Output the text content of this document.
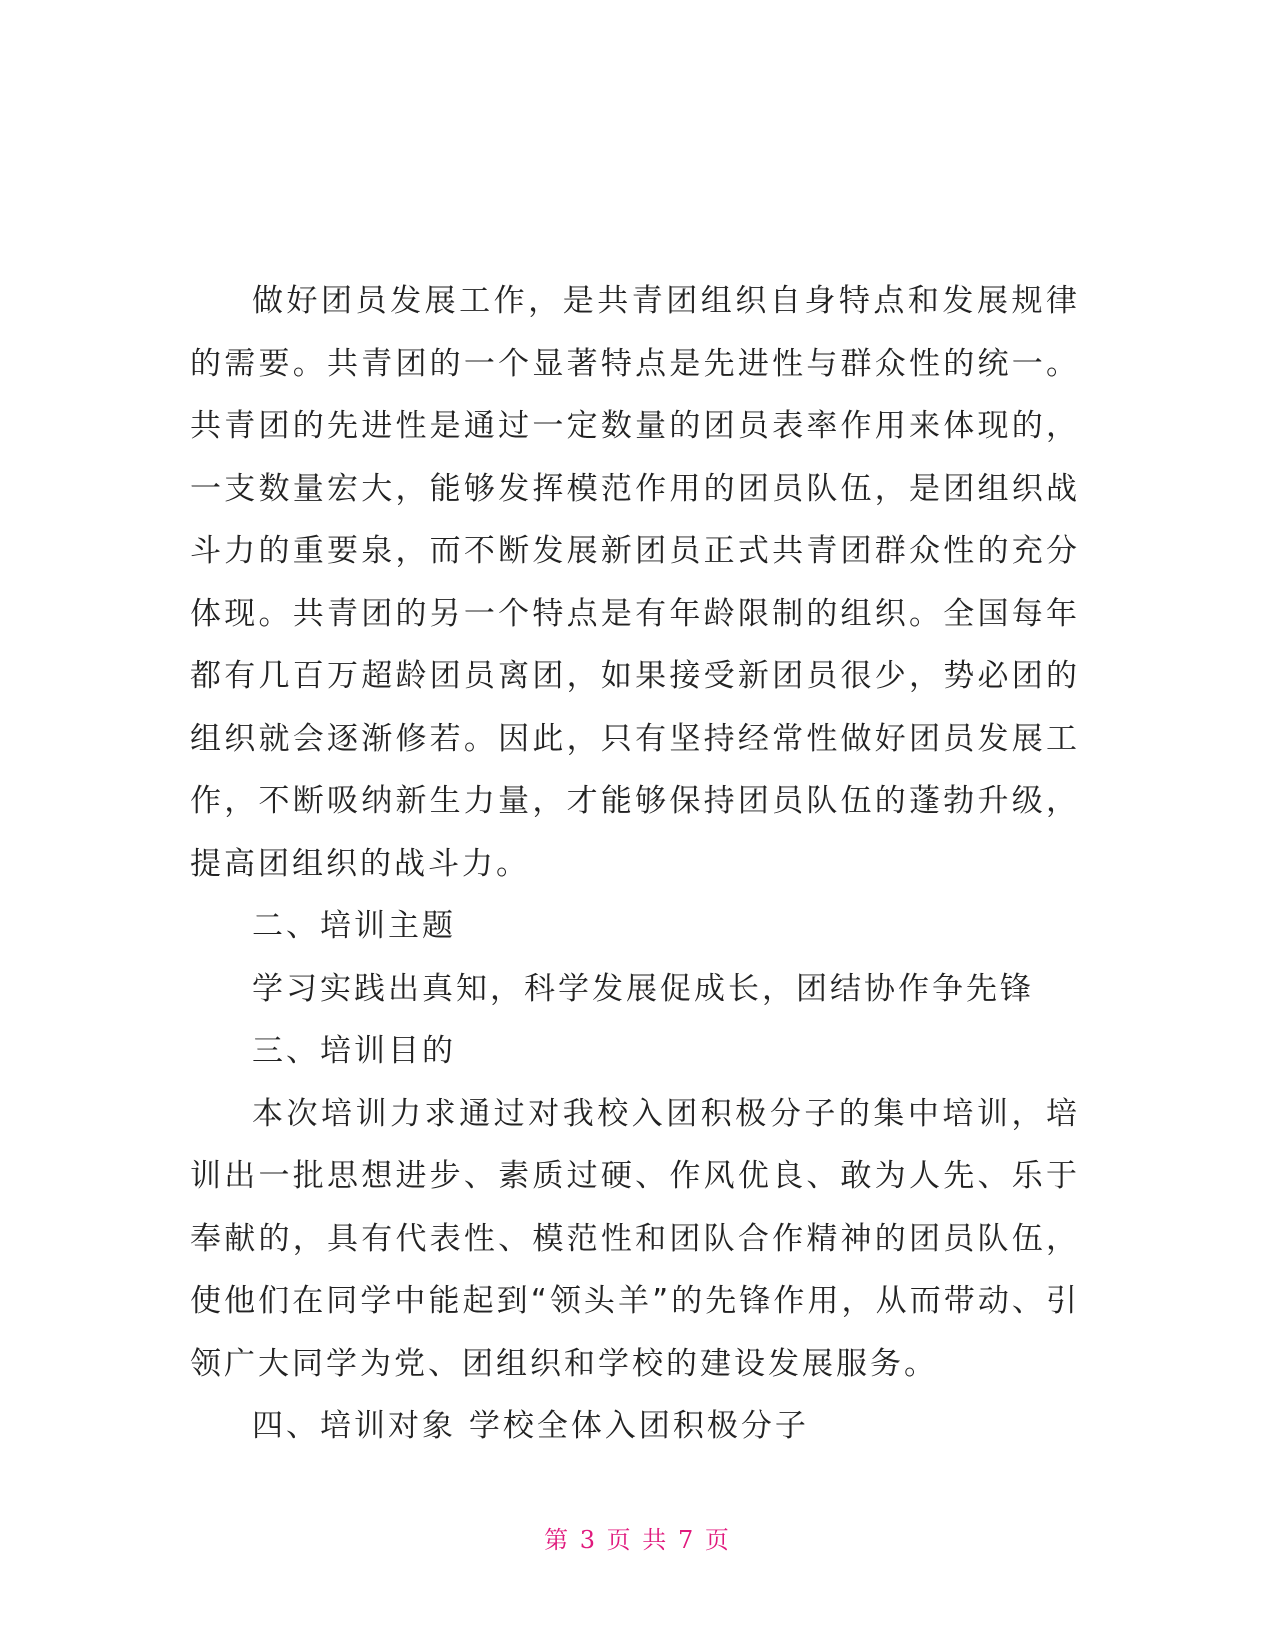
做好团员发展工作，是共青团组织自身特点和发展规律的需要。共青团的一个显著特点是先进性与群众性的统一。共青团的先进性是通过一定数量的团员表率作用来体现的，一支数量宏大，能够发挥模范作用的团员队伍，是团组织战斗力的重要泉，而不断发展新团员正式共青团群众性的充分体现。共青团的另一个特点是有年龄限制的组织。全国每年都有几百万超龄团员离团，如果接受新团员很少，势必团的组织就会逐渐修若。因此，只有坚持经常性做好团员发展工作，不断吸纳新生力量，才能够保持团员队伍的蓬勃升级，提高团组织的战斗力。

二、培训主题

学习实践出真知，科学发展促成长，团结协作争先锋

三、培训目的

本次培训力求通过对我校入团积极分子的集中培训，培训出一批思想进步、素质过硬、作风优良、敢为人先、乐于奉献的，具有代表性、模范性和团队合作精神的团员队伍，使他们在同学中能起到“领头羊”的先锋作用，从而带动、引领广大同学为党、团组织和学校的建设发展服务。

四、培训对象 学校全体入团积极分子

第 3 页 共 7 页
